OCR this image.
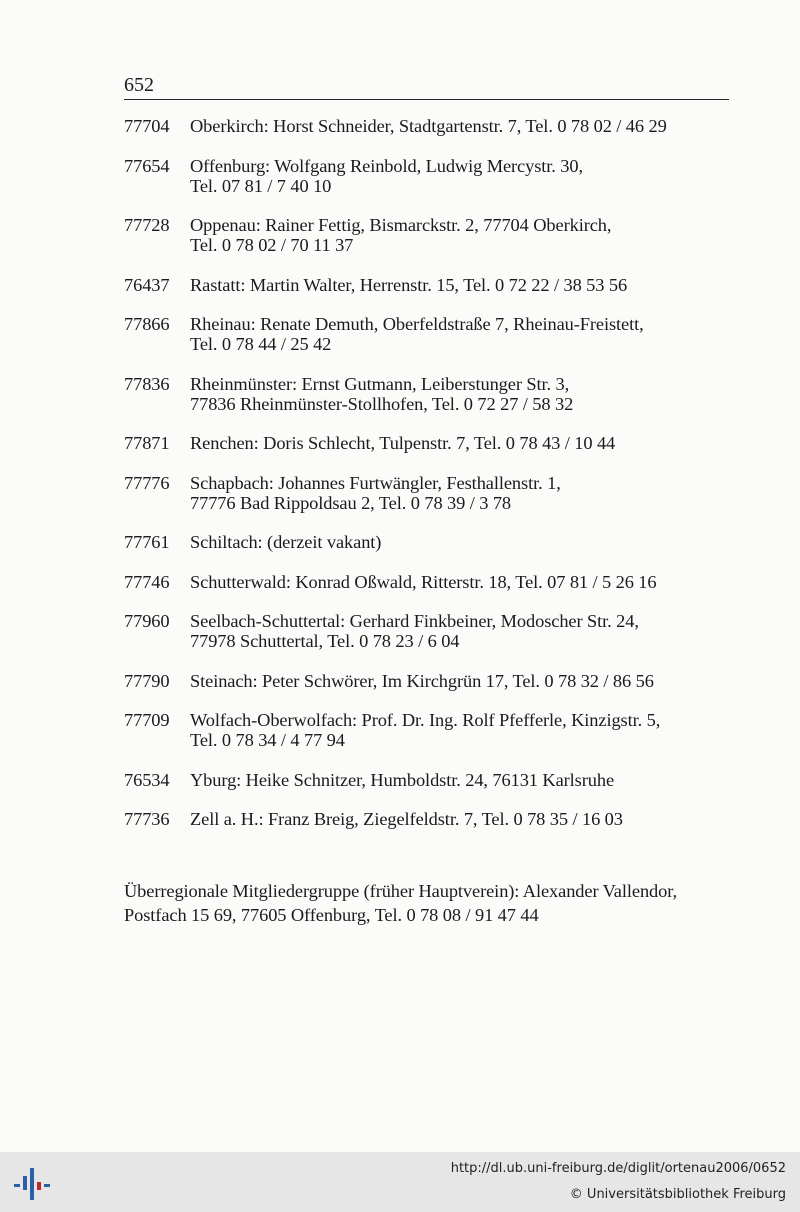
652
77704	Oberkirch: Horst Schneider, Stadtgartenstr. 7, Tel. 0 78 02 / 46 29
77654	Offenburg: Wolfgang Reinbold, Ludwig Mercystr. 30,
Tel. 07 81 / 7 40 10
77728	Oppenau: Rainer Fettig, Bismarckstr. 2, 77704 Oberkirch,
Tel. 0 78 02 / 70 11 37
76437	Rastatt: Martin Walter, Herrenstr. 15, Tel. 0 72 22 / 38 53 56
77866	Rheinau: Renate Demuth, Oberfeldstraße 7, Rheinau-Freistett,
Tel. 0 78 44 / 25 42
77836	Rheinmünster: Ernst Gutmann, Leiberstunger Str. 3,
77836 Rheinmünster-Stollhofen, Tel. 0 72 27 / 58 32
77871	Renchen: Doris Schlecht, Tulpenstr. 7, Tel. 0 78 43 / 10 44
77776	Schapbach: Johannes Furtwängler, Festhallenstr. 1,
77776 Bad Rippoldsau 2, Tel. 0 78 39 / 3 78
77761	Schiltach: (derzeit vakant)
77746	Schutterwald: Konrad Oßwald, Ritterstr. 18, Tel. 07 81 / 5 26 16
77960	Seelbach-Schuttertal: Gerhard Finkbeiner, Modoscher Str. 24,
77978 Schuttertal, Tel. 0 78 23 / 6 04
77790	Steinach: Peter Schwörer, Im Kirchgrün 17, Tel. 0 78 32 / 86 56
77709	Wolfach-Oberwolfach: Prof. Dr. Ing. Rolf Pfefferle, Kinzigstr. 5,
Tel. 0 78 34 / 4 77 94
76534	Yburg: Heike Schnitzer, Humboldstr. 24, 76131 Karlsruhe
77736	Zell a. H.: Franz Breig, Ziegelfeldstr. 7, Tel. 0 78 35 / 16 03
Überregionale Mitgliedergruppe (früher Hauptverein): Alexander Vallendor,
Postfach 15 69, 77605 Offenburg, Tel. 0 78 08 / 91 47 44
http://dl.ub.uni-freiburg.de/diglit/ortenau2006/0652
© Universitätsbibliothek Freiburg
